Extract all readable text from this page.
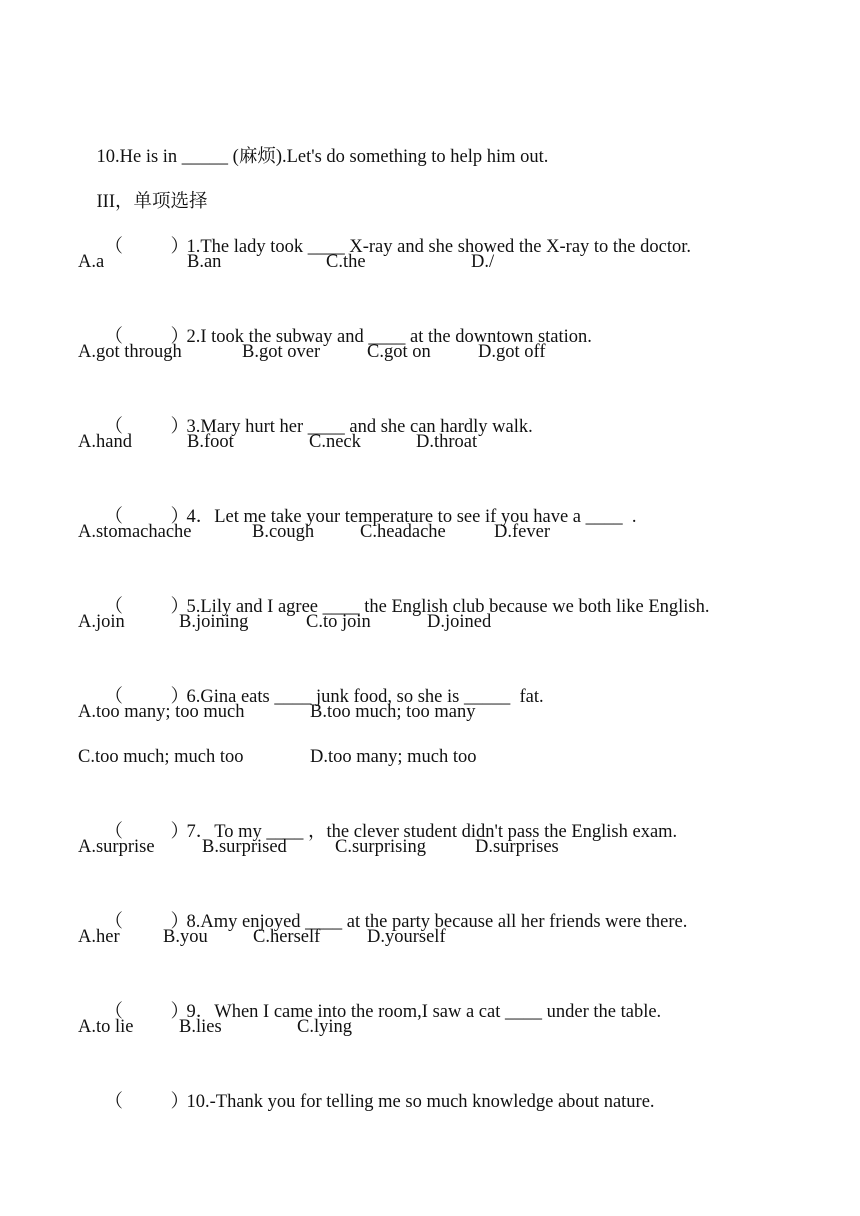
10.He is in _____ (麻烦).Let's do something to help him out.

III，单项选择

（	）1.The lady took ____ X-ray and she showed the X-ray to the doctor.

A.a	B.an	C.the	D./

（	）2.I took the subway and ____ at the downtown station.

A.got through	B.got over	C.got on	D.got off

（	）3.Mary hurt her ____ and she can hardly walk.

A.hand	B.foot	C.neck	D.throat

（	）4．Let me take your temperature to see if you have a ____  .

A.stomachache	B.cough	C.headache	D.fever

（	）5.Lily and I agree ____ the English club because we both like English.

A.join	B.joining	C.to join	D.joined

（	）6.Gina eats ____ junk food, so she is _____  fat.

A.too many; too much	B.too much; too many
C.too much; much too	D.too many; much too

（	）7．To my ____ ，the clever student didn't pass the English exam.

A.surprise	B.surprised	C.surprising	D.surprises

（	）8.Amy enjoyed ____ at the party because all her friends were there.

A.her	B.you	C.herself	D.yourself

（	）9．When I came into the room,I saw a cat ____ under the table.

A.to lie	B.lies	C.lying

（	）10.-Thank you for telling me so much knowledge about nature.
